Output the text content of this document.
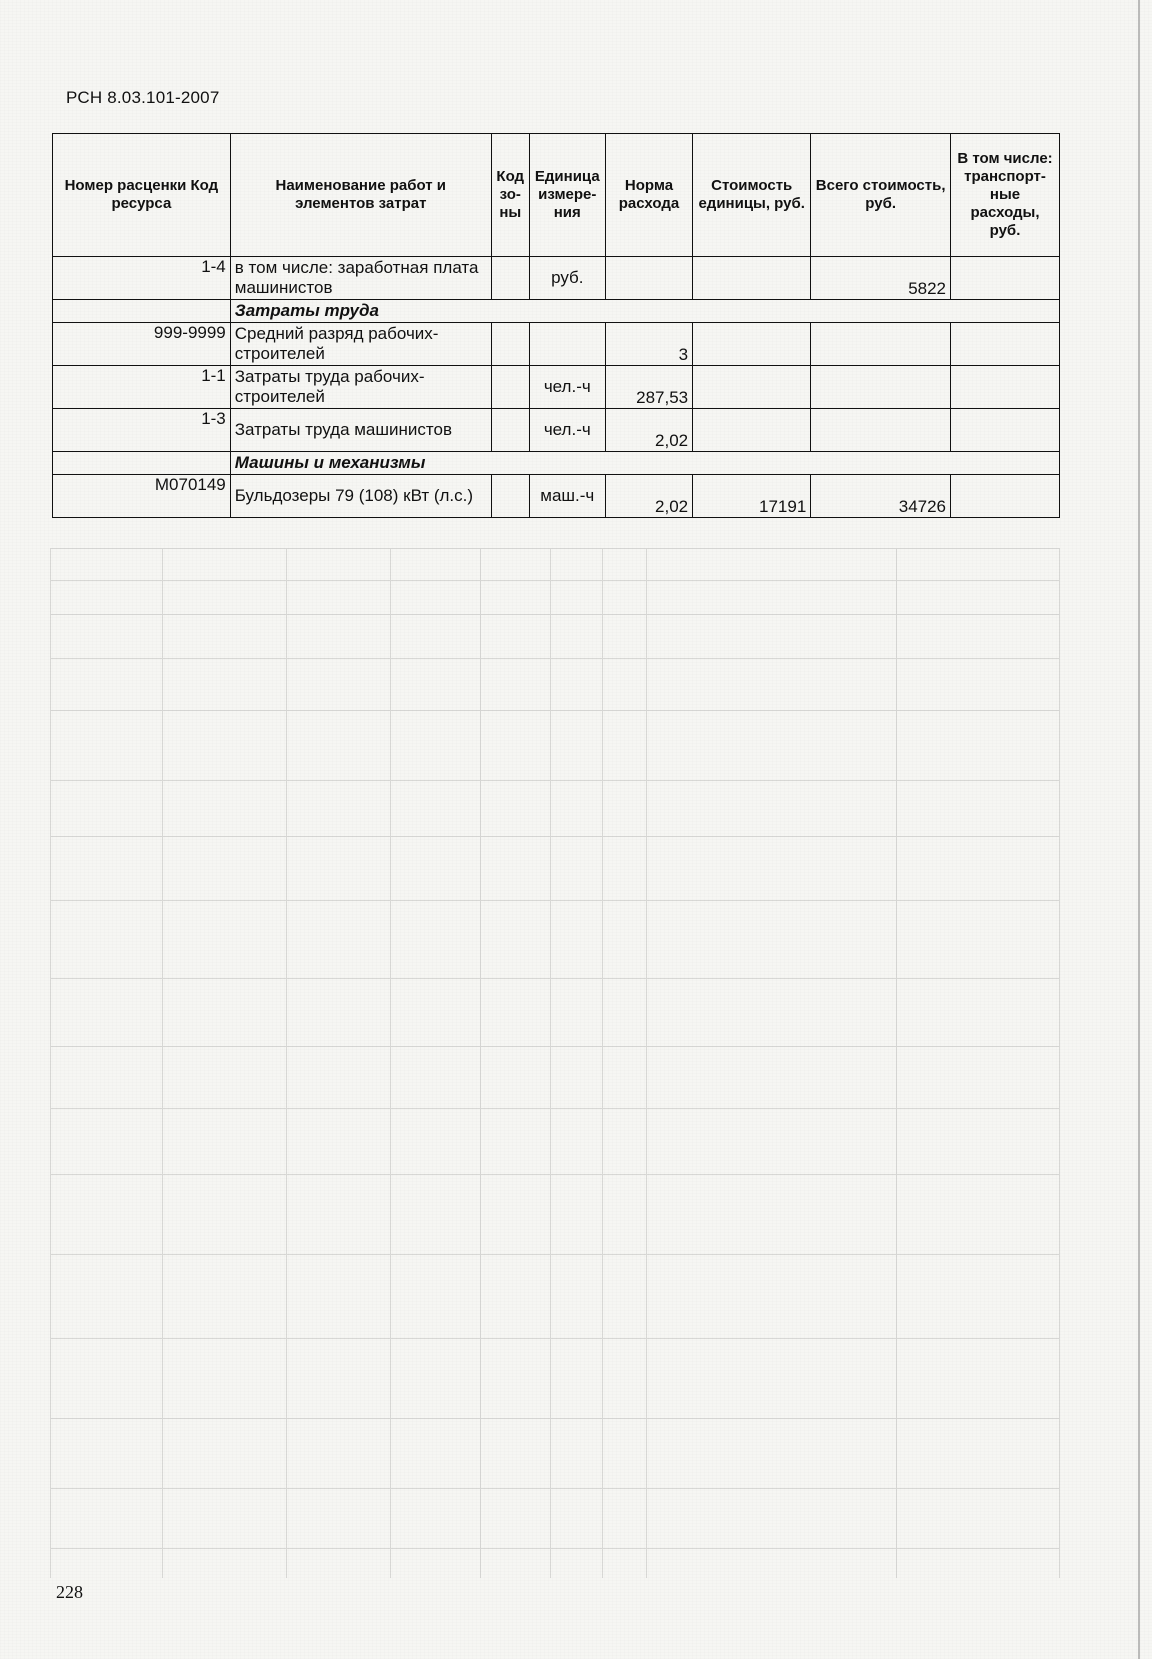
РСН 8.03.101-2007
Номер расценки Код ресурса	Наименование работ и элементов затрат	Код зо-ны	Единица измере-ния	Норма расхода	Стоимость единицы, руб.	Всего стоимость, руб.	В том числе: транспорт-ные расходы, руб.
1-4	в том числе: заработная плата машинистов		руб.			5822	
	Затраты труда						
999-9999	Средний разряд рабочих-строителей			3			
1-1	Затраты труда рабочих-строителей		чел.-ч	287,53			
1-3	Затраты труда машинистов		чел.-ч	2,02			
	Машины и механизмы						
М070149	Бульдозеры 79 (108) кВт (л.с.)		маш.-ч	2,02	17191	34726	
228
